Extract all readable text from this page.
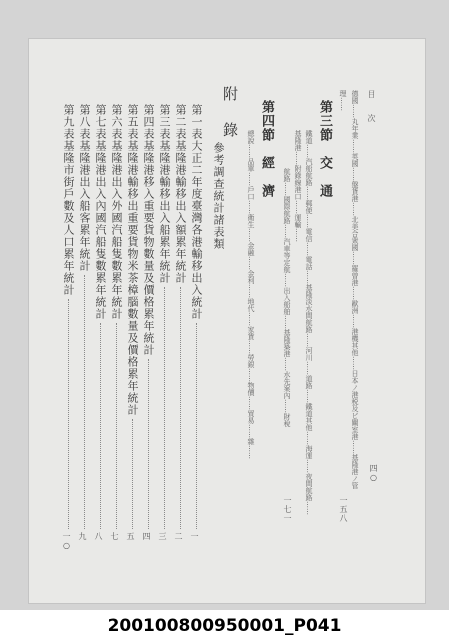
目　　次
四○
德國……丸年業……英國……盤貨港……北美合衆國……羅曾港……歐洲……港機其他……日本ノ港税及ビ關室港……基隆港ノ管
理……
一五八
第三節　交　通
鐵道……汽船航路……郵便……電信……電話……基隆淡水間航路……河川……道路……鐵道其他……海運……夜間航路……
基隆港……附錄線港口……運輸……
航路……國際航路……汽車等定航……出入船舶……基隆築港……水先案內……財稅
一七一
第四節　經　濟
總說……品單……戶口……衛生……金融……金利……地代……家賃……勞銀……物價……貿易……雜……
附　錄
參考調查統計諸表類
第一表大正二年度臺灣各港輸移出入統計
一
第二表基隆港輸移出入額累年統計
二
第三表基隆港輸移出入船累年統計
三
第四表基隆港移入重要貨物數量及價格累年統計
四
第五表基隆港輸移出重要貨物米茶樟腦數量及價格累年統計
五
第六表基隆港出入外國汽船隻數累年統計
七
第七表基隆港出入內國汽船隻數累年統計
八
第八表基隆港出入船客累年統計
九
第九表基隆市街戶數及人口累年統計
一○
200100800950001_P041
